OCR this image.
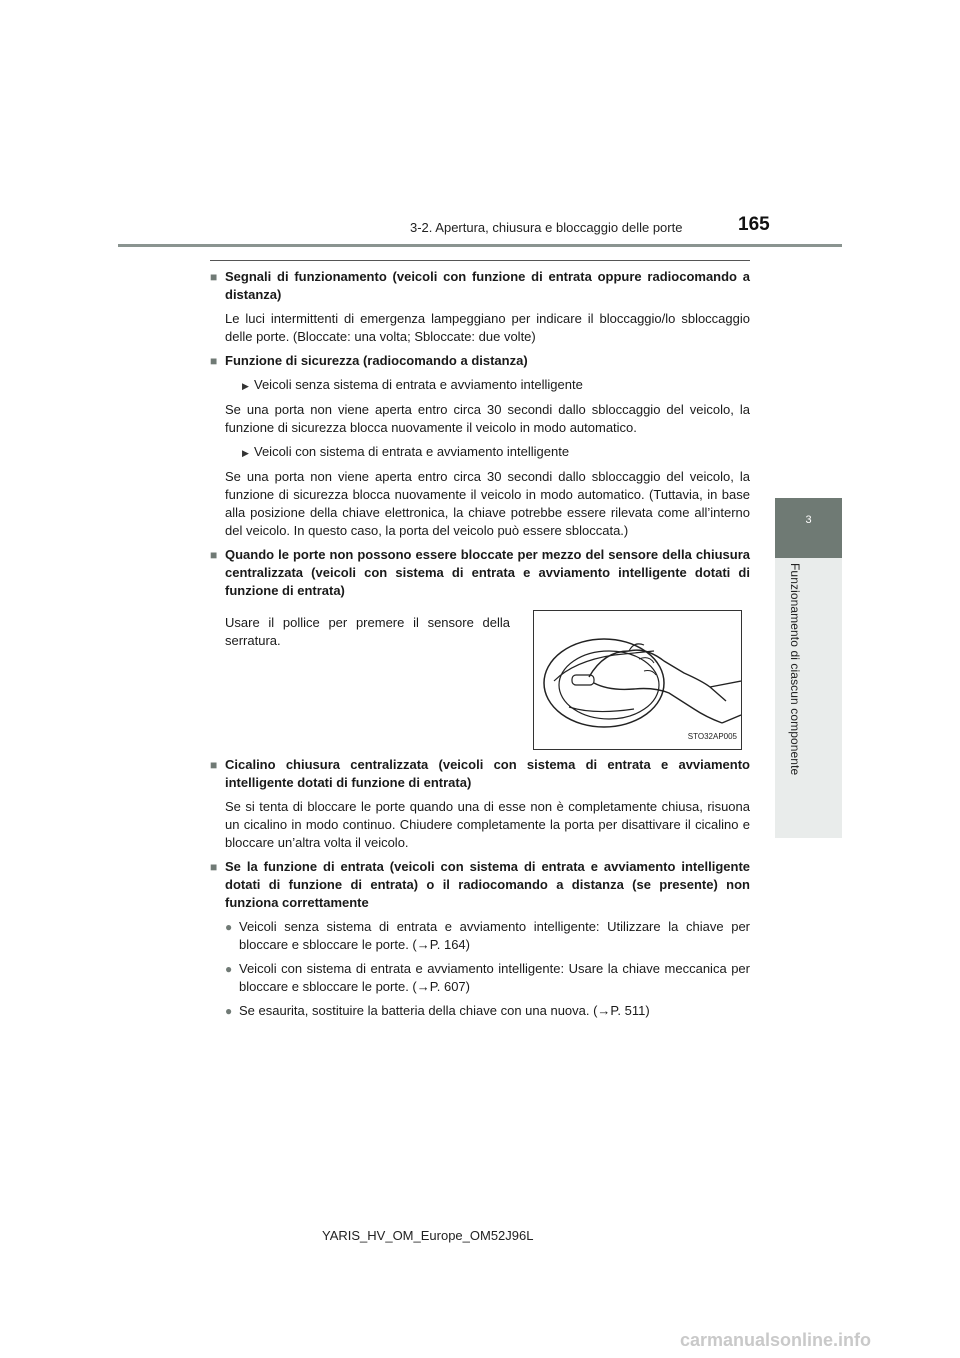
3-2. Apertura, chiusura e bloccaggio delle porte	165
3
Funzionamento di ciascun componente
■ Segnali di funzionamento (veicoli con funzione di entrata oppure radiocomando a distanza)
Le luci intermittenti di emergenza lampeggiano per indicare il bloccaggio/lo sbloccaggio delle porte. (Bloccate: una volta; Sbloccate: due volte)
■ Funzione di sicurezza (radiocomando a distanza)
▶ Veicoli senza sistema di entrata e avviamento intelligente
Se una porta non viene aperta entro circa 30 secondi dallo sbloccaggio del veicolo, la funzione di sicurezza blocca nuovamente il veicolo in modo automatico.
▶ Veicoli con sistema di entrata e avviamento intelligente
Se una porta non viene aperta entro circa 30 secondi dallo sbloccaggio del veicolo, la funzione di sicurezza blocca nuovamente il veicolo in modo automatico. (Tuttavia, in base alla posizione della chiave elettronica, la chiave potrebbe essere rilevata come all’interno del veicolo. In questo caso, la porta del veicolo può essere sbloccata.)
■ Quando le porte non possono essere bloccate per mezzo del sensore della chiusura centralizzata (veicoli con sistema di entrata e avviamento intelligente dotati di funzione di entrata)
Usare il pollice per premere il sensore della serratura.
STO32AP005
■ Cicalino chiusura centralizzata (veicoli con sistema di entrata e avviamento intelligente dotati di funzione di entrata)
Se si tenta di bloccare le porte quando una di esse non è completamente chiusa, risuona un cicalino in modo continuo. Chiudere completamente la porta per disattivare il cicalino e bloccare un’altra volta il veicolo.
■ Se la funzione di entrata (veicoli con sistema di entrata e avviamento intelligente dotati di funzione di entrata) o il radiocomando a distanza (se presente) non funziona correttamente
● Veicoli senza sistema di entrata e avviamento intelligente: Utilizzare la chiave per bloccare e sbloccare le porte. (→P. 164)
● Veicoli con sistema di entrata e avviamento intelligente: Usare la chiave meccanica per bloccare e sbloccare le porte. (→P. 607)
● Se esaurita, sostituire la batteria della chiave con una nuova. (→P. 511)
YARIS_HV_OM_Europe_OM52J96L
carmanualsonline.info
